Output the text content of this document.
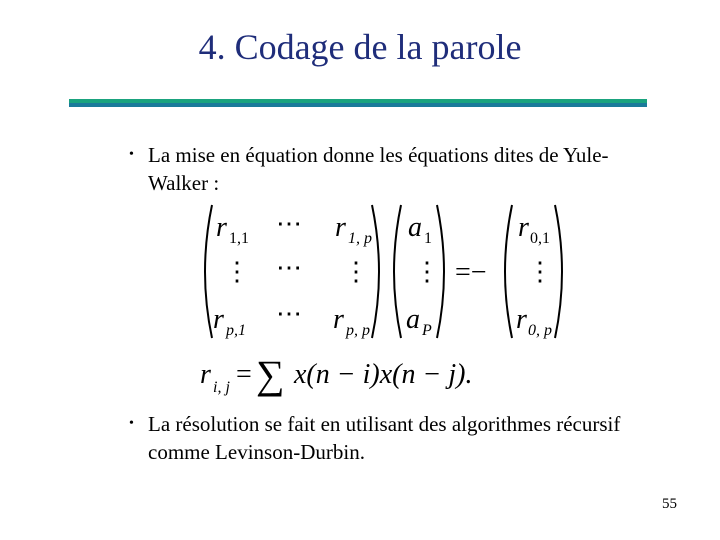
4. Codage de la parole
• La mise en équation donne les équations dites de Yule-Walker :
r 1,1
⋯ r 1, p a 1	r 0,1
⋮ ⋯ ⋮ ⋮ =− ⋮
r p,1
⋯ r p, p a P	r 0, p
r i, j = ∑ x(n − i)x(n − j).
• La résolution se fait en utilisant des algorithmes récursif comme Levinson-Durbin.
55
